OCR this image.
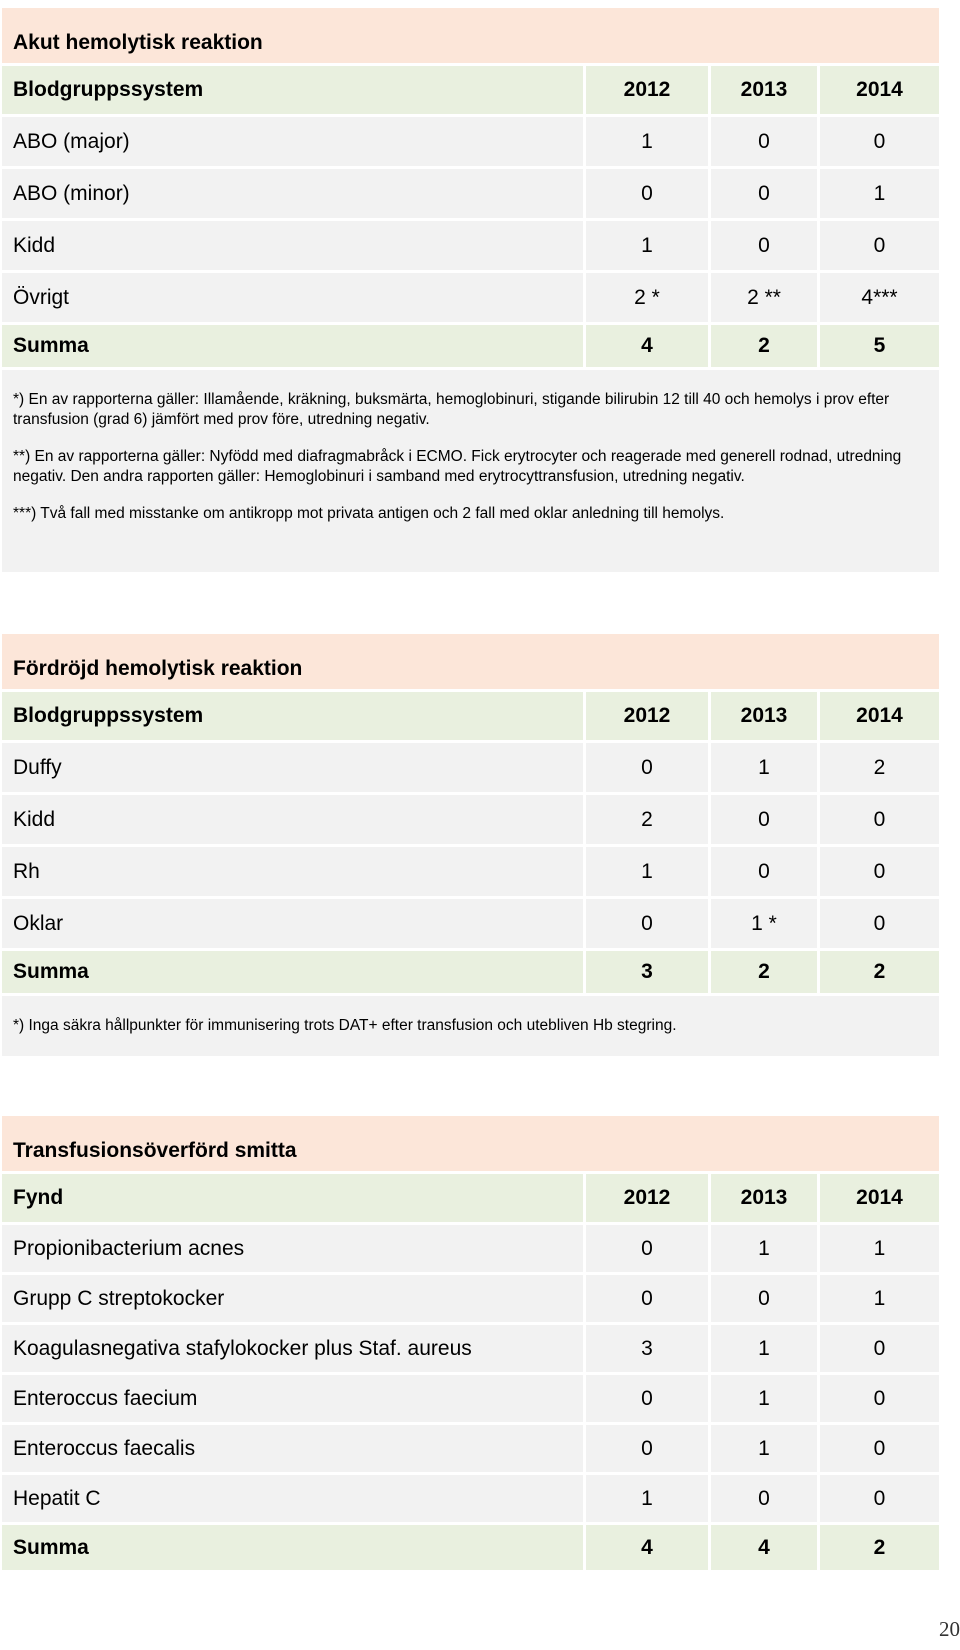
Akut hemolytisk reaktion
Blodgruppssystem	2012	2013	2014
ABO (major)	1	0	0
ABO (minor)	0	0	1
Kidd	1	0	0
Övrigt	2 *	2 **	4***
Summa	4	2	5

*) En av rapporterna gäller: Illamående, kräkning, buksmärta, hemoglobinuri, stigande bilirubin 12 till 40 och hemolys i prov efter transfusion (grad 6) jämfört med prov före, utredning negativ.

**) En av rapporterna gäller: Nyfödd med diafragmabråck i ECMO. Fick erytrocyter och reagerade med generell rodnad, utredning negativ. Den andra rapporten gäller: Hemoglobinuri i samband med erytrocyttransfusion, utredning negativ.

***) Två fall med misstanke om antikropp mot privata antigen och 2 fall med oklar anledning till hemolys.

Fördröjd hemolytisk reaktion
Blodgruppssystem	2012	2013	2014
Duffy	0	1	2
Kidd	2	0	0
Rh	1	0	0
Oklar	0	1 *	0
Summa	3	2	2

*) Inga säkra hållpunkter för immunisering trots DAT+ efter transfusion och utebliven Hb stegring.

Transfusionsöverförd smitta
Fynd	2012	2013	2014
Propionibacterium acnes	0	1	1
Grupp C streptokocker	0	0	1
Koagulasnegativa stafylokocker plus Staf. aureus	3	1	0
Enteroccus faecium	0	1	0
Enteroccus faecalis	0	1	0
Hepatit C	1	0	0
Summa	4	4	2
20
